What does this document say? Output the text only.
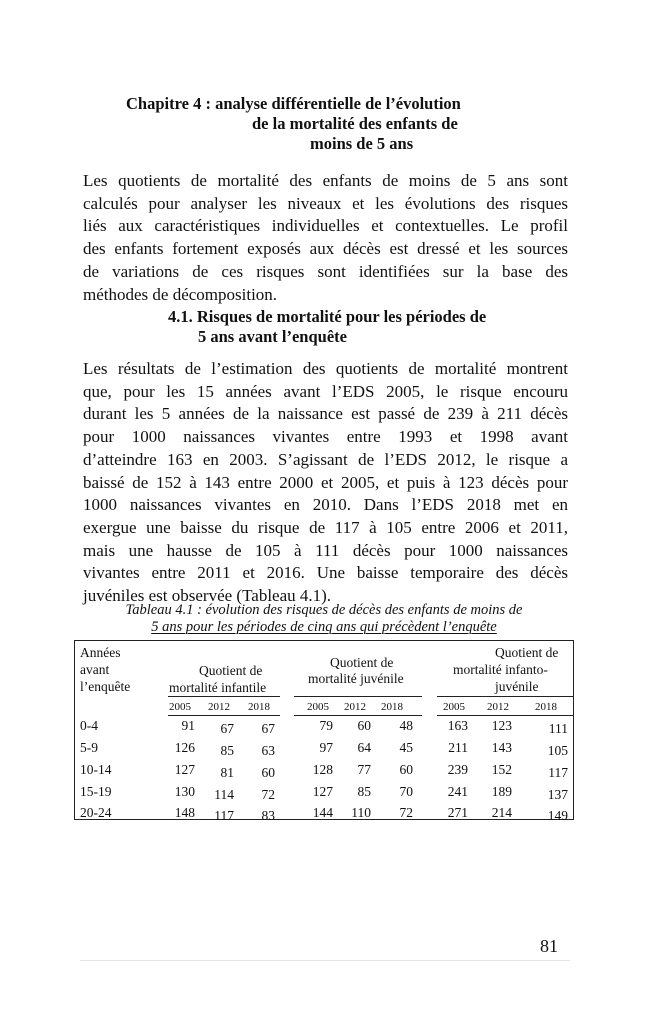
Chapitre 4 : analyse différentielle de l’évolution
de la mortalité des enfants de
moins de 5 ans
Les quotients de mortalité des enfants de moins de 5 ans sont
calculés pour analyser les niveaux et les évolutions des risques
liés aux caractéristiques individuelles et contextuelles. Le profil
des enfants fortement exposés aux décès est dressé et les sources
de variations de ces risques sont identifiées sur la base des
méthodes de décomposition.
4.1. Risques de mortalité pour les périodes de
5 ans avant l’enquête
Les résultats de l’estimation des quotients de mortalité montrent
que, pour les 15 années avant l’EDS 2005, le risque encouru
durant les 5 années de la naissance est passé de 239 à 211 décès
pour 1000 naissances vivantes entre 1993 et 1998 avant
d’atteindre 163 en 2003. S’agissant de l’EDS 2012, le risque a
baissé de 152 à 143 entre 2000 et 2005, et puis à 123 décès pour
1000 naissances vivantes en 2010. Dans l’EDS 2018 met en
exergue une baisse du risque de 117 à 105 entre 2006 et 2011,
mais une hausse de 105 à 111 décès pour 1000 naissances
vivantes entre 2011 et 2016. Une baisse temporaire des décès
juvéniles est observée (Tableau 4.1).
Tableau 4.1 : évolution des risques de décès des enfants de moins de
5 ans pour les périodes de cinq ans qui précèdent l’enquête
Années
avant
l’enquête
Quotient de
mortalité infantile
Quotient de
mortalité juvénile
Quotient de
mortalité infanto-
juvénile
2005 2012 2018	2005 2012 2018	2005 2012 2018
0-4	91	67	67	79	60	48	163	123	111
5-9	126	85	63	97	64	45	211	143	105
10-14	127	81	60	128	77	60	239	152	117
15-19	130	114	72	127	85	70	241	189	137
20-24	148	117	83	144	110	72	271	214	149
81
